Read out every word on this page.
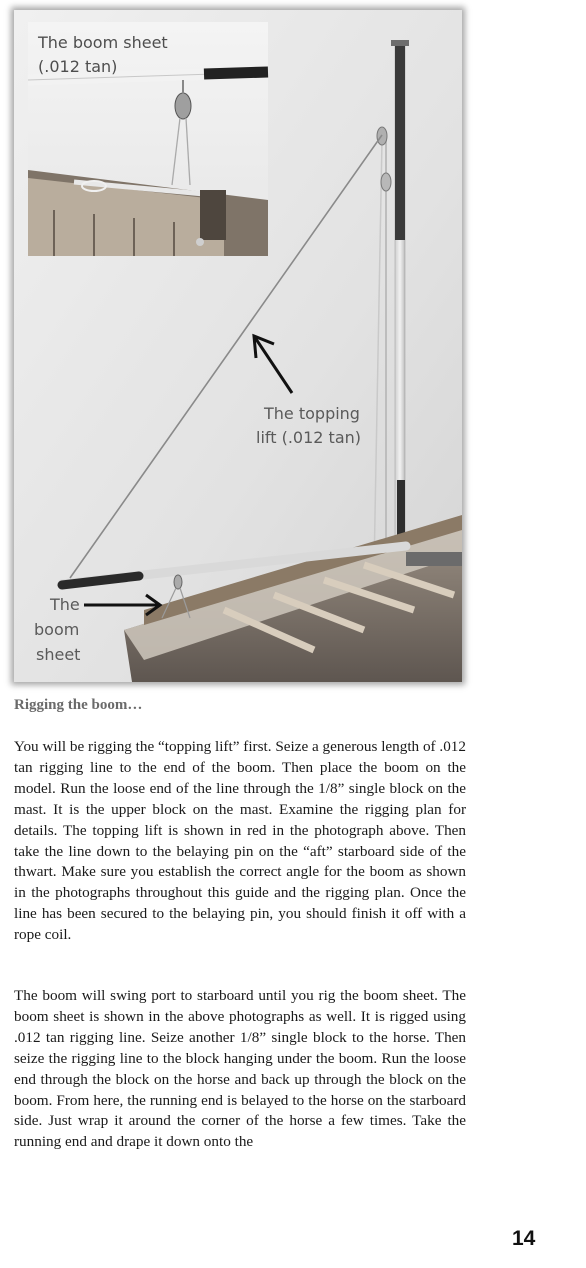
The boom sheet
(.012 tan)
The topping
lift (.012 tan)
The
boom
sheet
Rigging the boom…

You will be rigging the “topping lift” first. Seize a generous length of .012 tan rigging line to the end of the boom. Then place the boom on the model. Run the loose end of the line through the 1/8” single block on the mast. It is the upper block on the mast. Examine the rigging plan for details. The topping lift is shown in red in the photograph above. Then take the line down to the belaying pin on the “aft” starboard side of the thwart. Make sure you establish the correct angle for the boom as shown in the photographs throughout this guide and the rigging plan. Once the line has been secured to the belaying pin, you should finish it off with a rope coil.

The boom will swing port to starboard until you rig the boom sheet. The boom sheet is shown in the above photographs as well. It is rigged using .012 tan rigging line. Seize another 1/8” single block to the horse. Then seize the rigging line to the block hanging under the boom. Run the loose end through the block on the horse and back up through the block on the boom. From here, the running end is belayed to the horse on the starboard side. Just wrap it around the corner of the horse a few times. Take the running end and drape it down onto the

14
